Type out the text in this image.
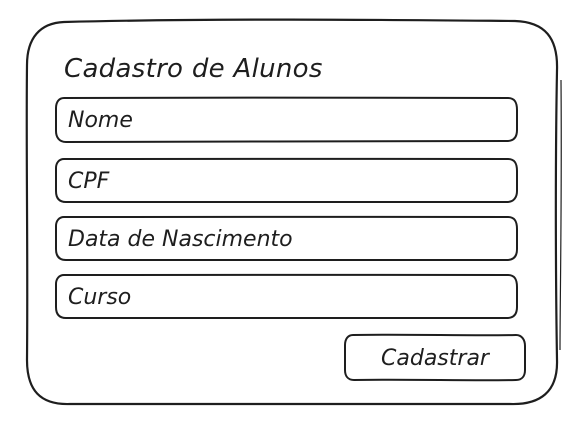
Cadastro de Alunos
Nome
CPF
Data de Nascimento
Curso
Cadastrar
